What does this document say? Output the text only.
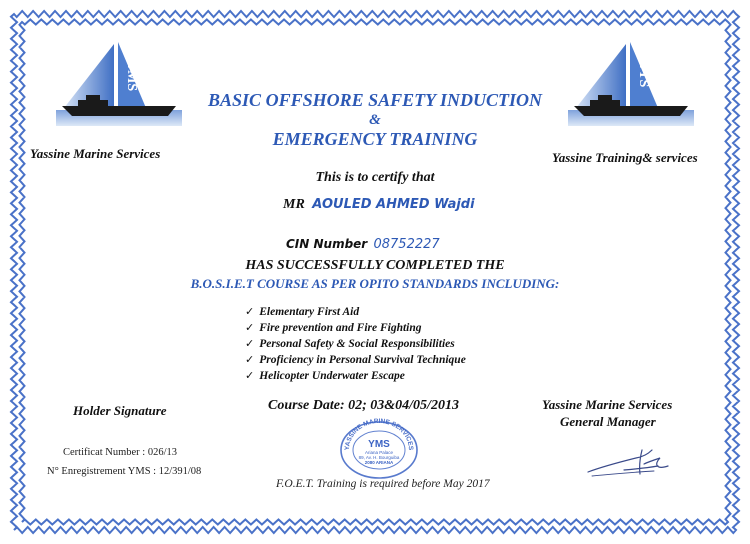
YMS
Yassine Marine Services
YTS
Yassine Training& services
BASIC OFFSHORE SAFETY INDUCTION
&
EMERGENCY TRAINING
This is to certify that
MR AOULED AHMED Wajdi
CIN Number 08752227
HAS SUCCESSFULLY COMPLETED THE
B.O.S.I.E.T COURSE AS PER OPITO STANDARDS INCLUDING:
✓ Elementary First Aid
✓ Fire prevention and Fire Fighting
✓ Personal Safety & Social Responsibilities
✓ Proficiency in Personal Survival Technique
✓ Helicopter Underwater Escape
Holder Signature	Course Date: 02; 03&04/05/2013	Yassine Marine Services
General Manager
Certificat Number : 026/13
N° Enregistrement YMS : 12/391/08
YASSINE MARINE SERVICES
YMS
Ariana Palace
89, Av. H. Bourguiba
2080 ARIANA
F.O.E.T. Training is required before May 2017
